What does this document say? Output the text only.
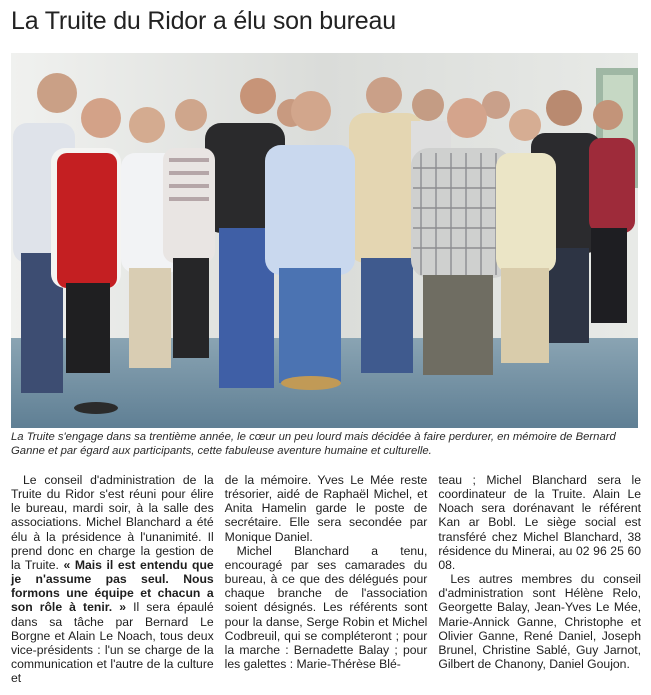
La Truite du Ridor a élu son bureau
La Truite s'engage dans sa trentième année, le cœur un peu lourd mais décidée à faire perdurer, en mémoire de Bernard Ganne et par égard aux participants, cette fabuleuse aventure humaine et culturelle.

Le conseil d'administration de la Truite du Ridor s'est réuni pour élire le bureau, mardi soir, à la salle des associations. Michel Blanchard a été élu à la présidence à l'unanimité. Il prend donc en charge la gestion de la Truite. « Mais il est entendu que je n'assume pas seul. Nous formons une équipe et chacun a son rôle à tenir. » Il sera épaulé dans sa tâche par Bernard Le Borgne et Alain Le Noach, tous deux vice-présidents : l'un se charge de la communication et l'autre de la culture et

de la mémoire. Yves Le Mée reste trésorier, aidé de Raphaël Michel, et Anita Hamelin garde le poste de secrétaire. Elle sera secondée par Monique Daniel.

Michel Blanchard a tenu, encouragé par ses camarades du bureau, à ce que des délégués pour chaque branche de l'association soient désignés. Les référents sont pour la danse, Serge Robin et Michel Codbreuil, qui se compléteront ; pour la marche : Bernadette Balay ; pour les galettes : Marie-Thérèse Blé-

teau ; Michel Blanchard sera le coordinateur de la Truite. Alain Le Noach sera dorénavant le référent Kan ar Bobl. Le siège social est transféré chez Michel Blanchard, 38 résidence du Minerai, au 02 96 25 60 08.

Les autres membres du conseil d'administration sont Hélène Relo, Georgette Balay, Jean-Yves Le Mée, Marie-Annick Ganne, Christophe et Olivier Ganne, René Daniel, Joseph Brunel, Christine Sablé, Guy Jarnot, Gilbert de Chanony, Daniel Goujon.
